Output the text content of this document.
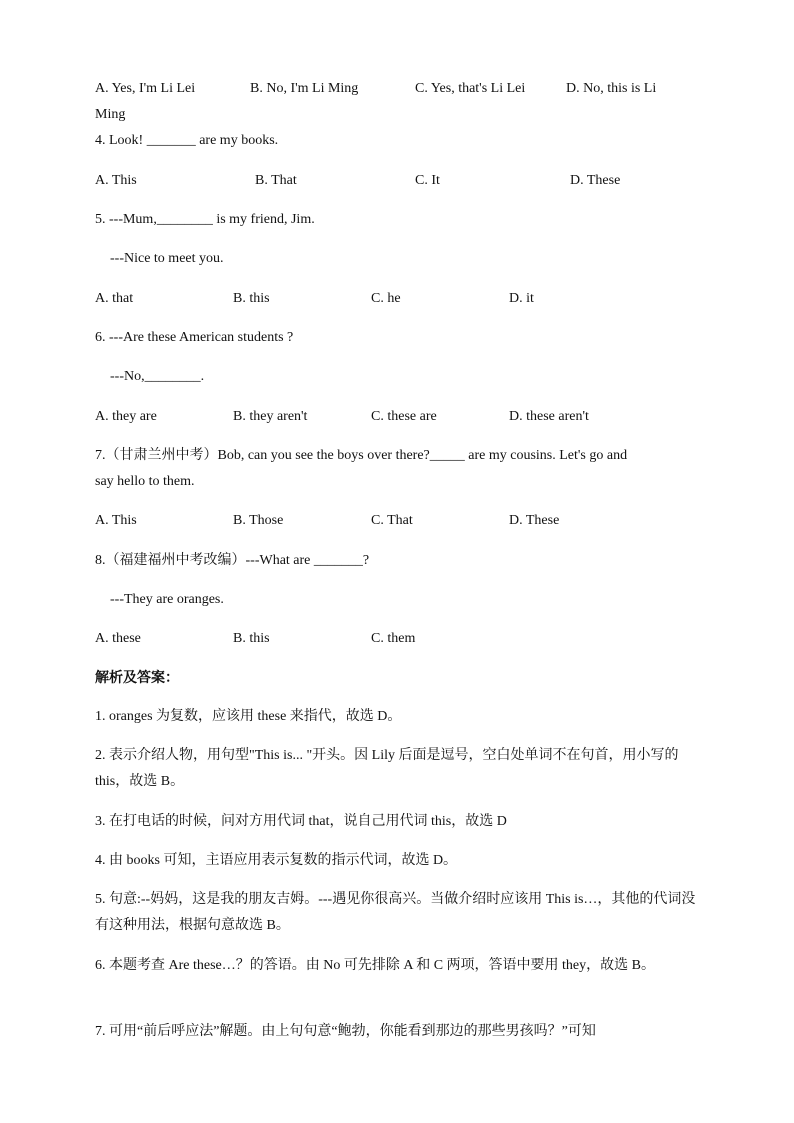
A. Yes, I'm Li Lei	B. No, I'm Li Ming	C. Yes, that's Li Lei	D. No, this is Li
Ming
4. Look! _______ are my books.
A. This	B. That	C. It	D. These
5. ---Mum,________ is my friend, Jim.
---Nice to meet you.
A. that	B. this	C. he	D. it
6. ---Are these American students ?
---No,________.
A. they are	B. they aren't	C. these are	D. these aren't
7.（甘肃兰州中考）Bob, can you see the boys over there?_____ are my cousins. Let's go and
say hello to them.
A. This	B. Those	C. That	D. These
8.（福建福州中考改编）---What are _______?
---They are oranges.
A. these	B. this	C. them
解析及答案：
1. oranges 为复数，应该用 these 来指代，故选 D。
2. 表示介绍人物，用句型"This is... "开头。因 Lily 后面是逗号，空白处单词不在句首，用小写的 this，故选 B。
3. 在打电话的时候，问对方用代词 that，说自己用代词 this，故选 D
4. 由 books 可知，主语应用表示复数的指示代词，故选 D。
5. 句意:--妈妈，这是我的朋友吉姆。---遇见你很高兴。当做介绍时应该用 This is…，其他的代词没有这种用法，根据句意故选 B。
6. 本题考查 Are these…？的答语。由 No 可先排除 A 和 C 两项，答语中要用 they，故选 B。
7. 可用“前后呼应法”解题。由上句句意“鲍勃，你能看到那边的那些男孩吗？”可知
